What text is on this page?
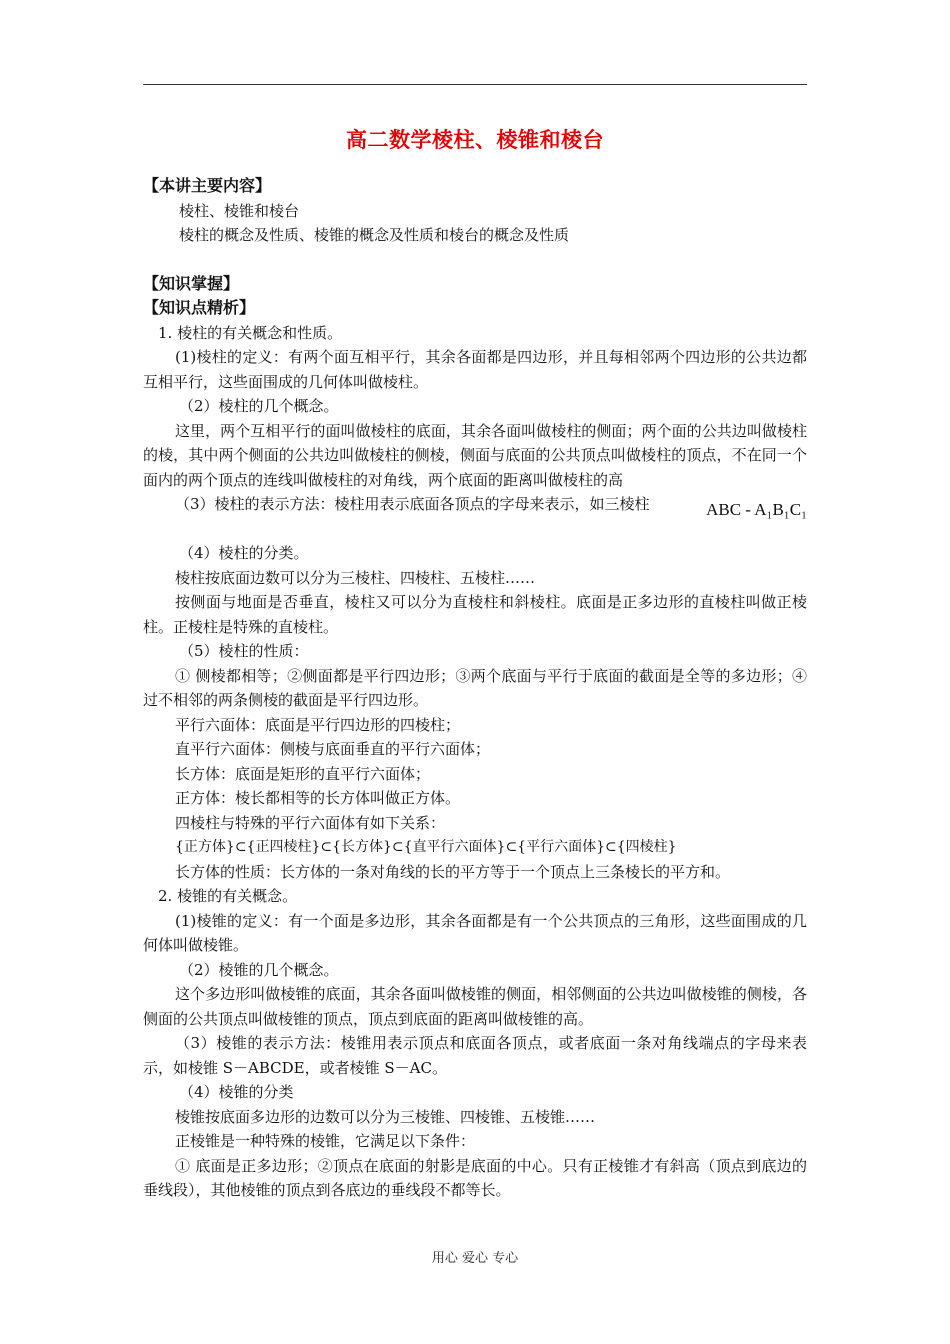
高二数学棱柱、棱锥和棱台
【本讲主要内容】
棱柱、棱锥和棱台
棱柱的概念及性质、棱锥的概念及性质和棱台的概念及性质
【知识掌握】
【知识点精析】
1. 棱柱的有关概念和性质。
(1)棱柱的定义：有两个面互相平行，其余各面都是四边形，并且每相邻两个四边形的公共边都互相平行，这些面围成的几何体叫做棱柱。
（2）棱柱的几个概念。
这里，两个互相平行的面叫做棱柱的底面，其余各面叫做棱柱的侧面；两个面的公共边叫做棱柱的棱，其中两个侧面的公共边叫做棱柱的侧棱，侧面与底面的公共顶点叫做棱柱的顶点，不在同一个面内的两个顶点的连线叫做棱柱的对角线，两个底面的距离叫做棱柱的高
（3）棱柱的表示方法：棱柱用表示底面各顶点的字母来表示，如三棱柱	ABC - A₁B₁C₁
（4）棱柱的分类。
棱柱按底面边数可以分为三棱柱、四棱柱、五棱柱……
按侧面与地面是否垂直，棱柱又可以分为直棱柱和斜棱柱。底面是正多边形的直棱柱叫做正棱柱。正棱柱是特殊的直棱柱。
（5）棱柱的性质：
① 侧棱都相等；②侧面都是平行四边形；③两个底面与平行于底面的截面是全等的多边形；④过不相邻的两条侧棱的截面是平行四边形。
平行六面体：底面是平行四边形的四棱柱；
直平行六面体：侧棱与底面垂直的平行六面体；
长方体：底面是矩形的直平行六面体；
正方体：棱长都相等的长方体叫做正方体。
四棱柱与特殊的平行六面体有如下关系：
{正方体}⊂{正四棱柱}⊂{长方体}⊂{直平行六面体}⊂{平行六面体}⊂{四棱柱}
长方体的性质：长方体的一条对角线的长的平方等于一个顶点上三条棱长的平方和。
2. 棱锥的有关概念。
(1)棱锥的定义：有一个面是多边形，其余各面都是有一个公共顶点的三角形，这些面围成的几何体叫做棱锥。
（2）棱锥的几个概念。
这个多边形叫做棱锥的底面，其余各面叫做棱锥的侧面，相邻侧面的公共边叫做棱锥的侧棱，各侧面的公共顶点叫做棱锥的顶点，顶点到底面的距离叫做棱锥的高。
（3）棱锥的表示方法：棱锥用表示顶点和底面各顶点，或者底面一条对角线端点的字母来表示，如棱锥 S－ABCDE，或者棱锥 S－AC。
（4）棱锥的分类
棱锥按底面多边形的边数可以分为三棱锥、四棱锥、五棱锥……
正棱锥是一种特殊的棱锥，它满足以下条件：
① 底面是正多边形；②顶点在底面的射影是底面的中心。只有正棱锥才有斜高（顶点到底边的垂线段），其他棱锥的顶点到各底边的垂线段不都等长。
用心 爱心 专心
